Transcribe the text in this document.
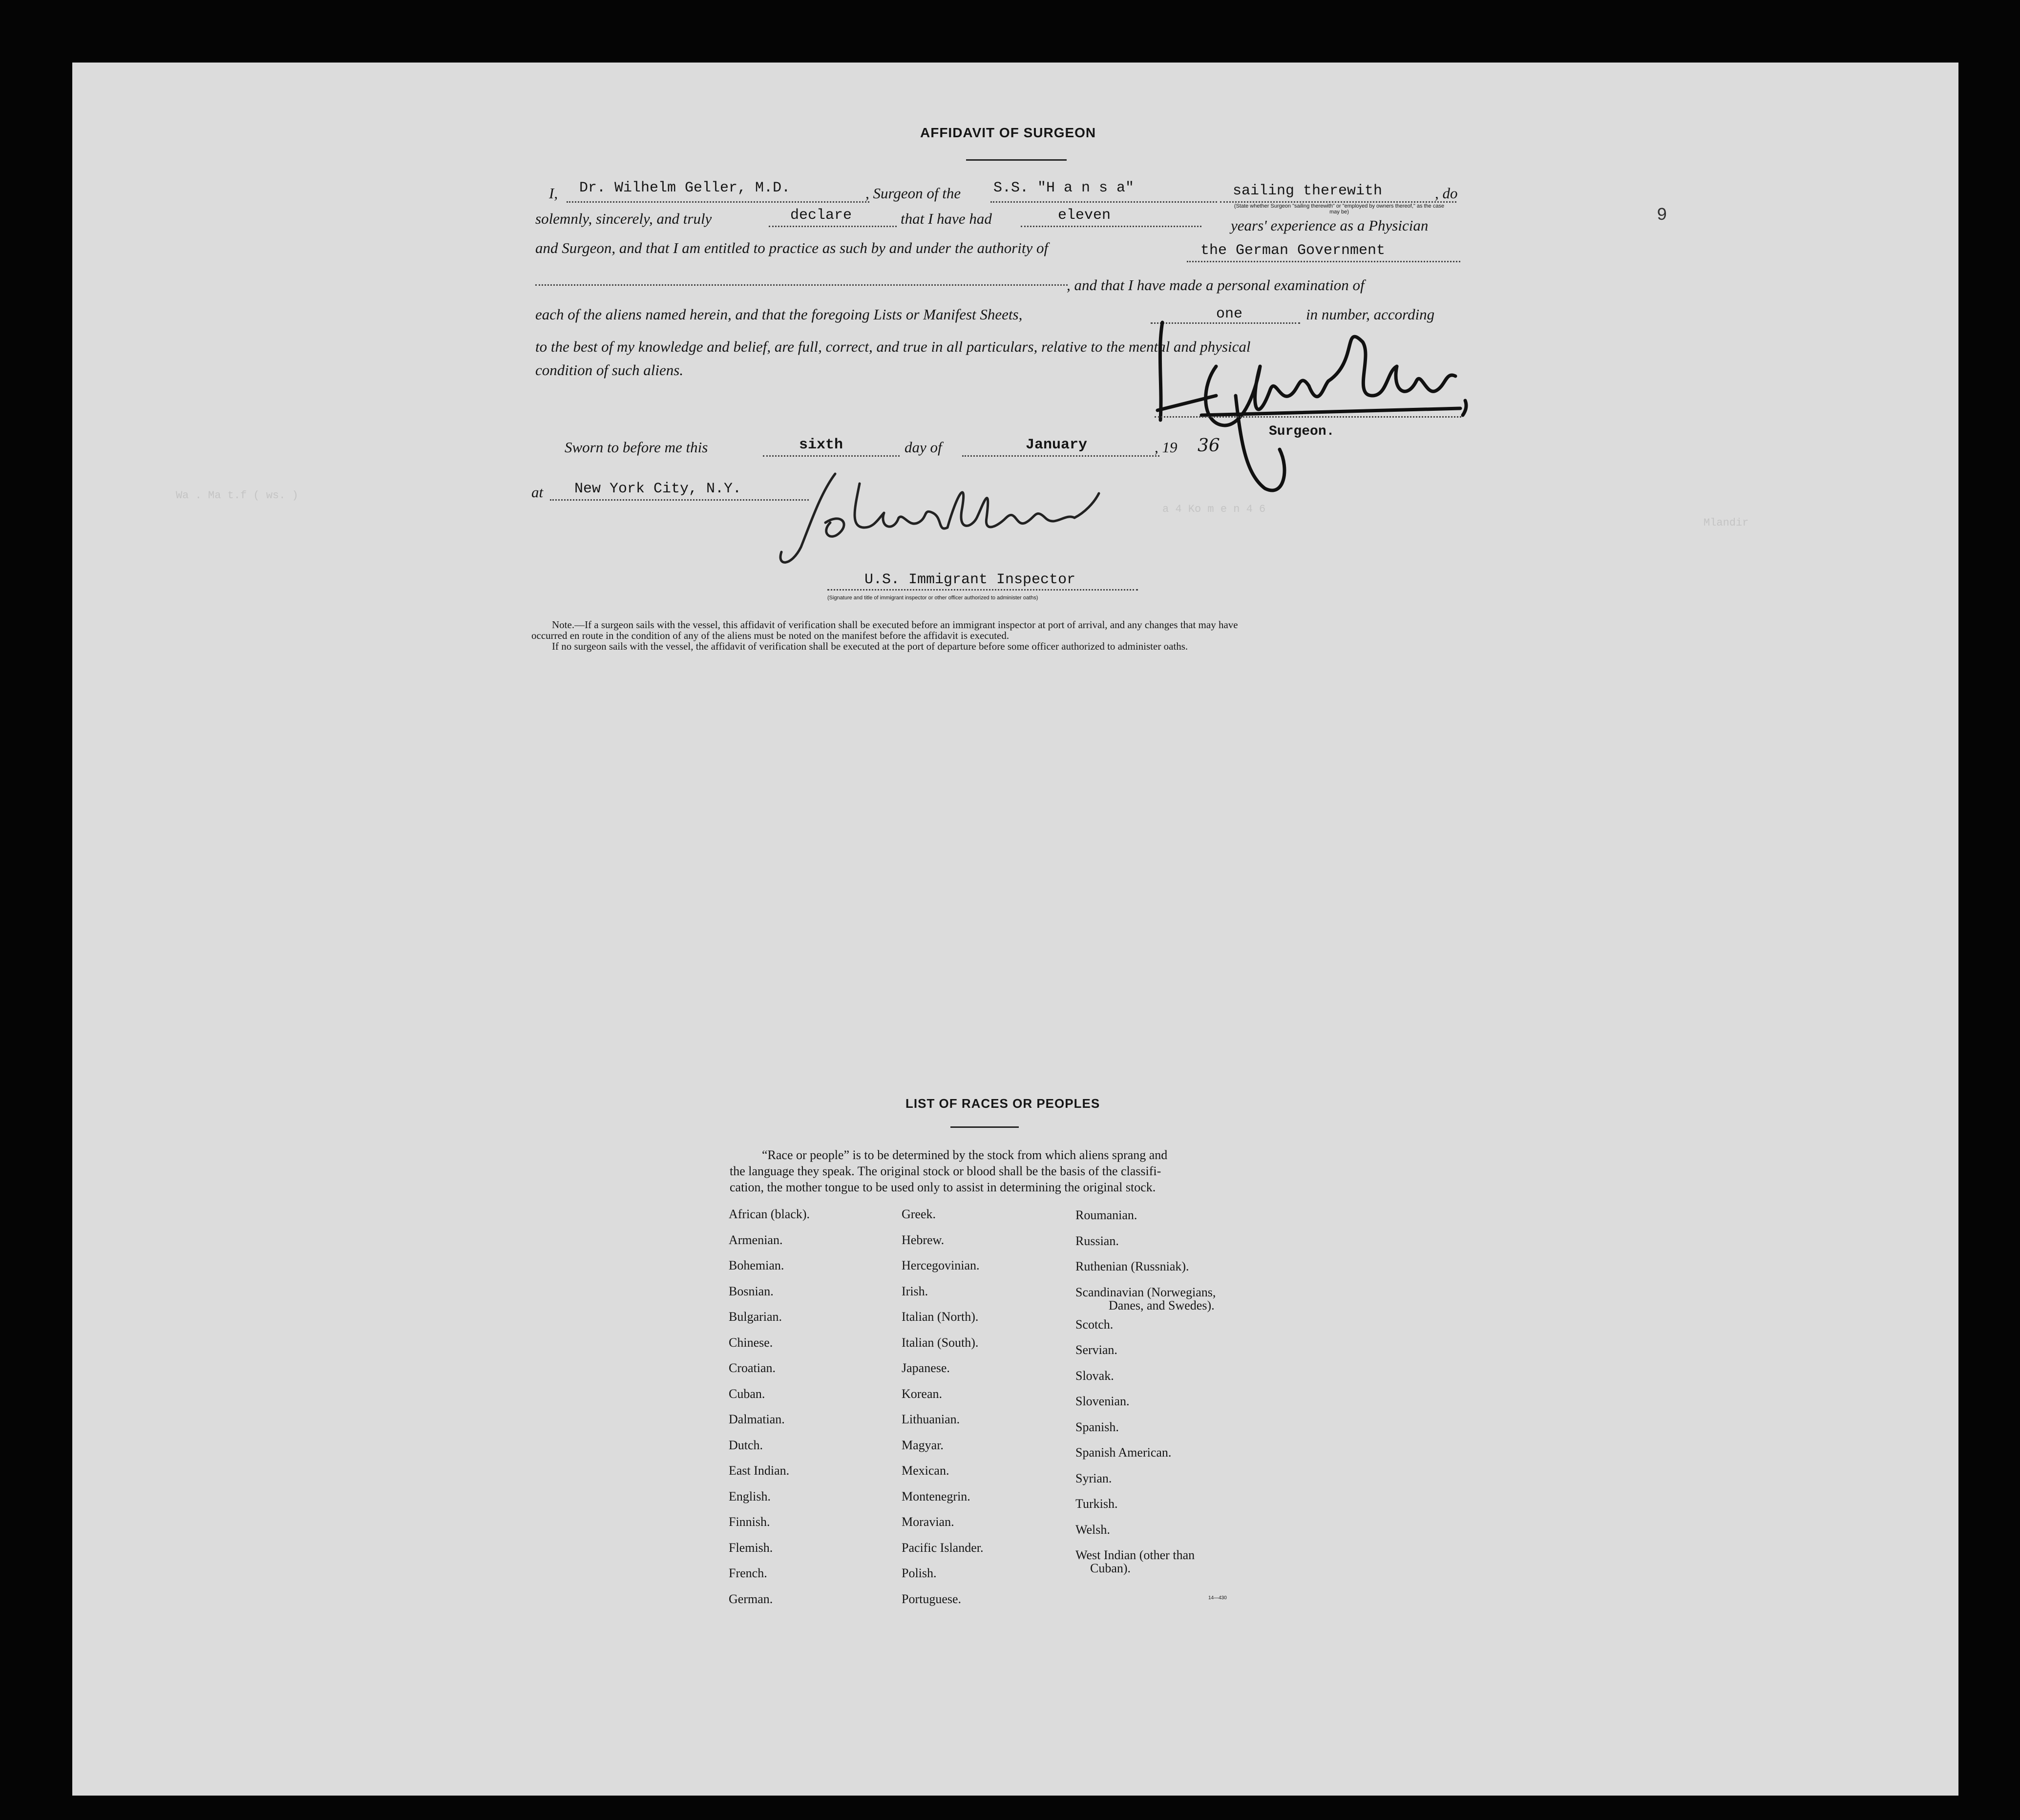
Wa . Ma t.f ( ws. )
a 4 Ko m e n 4 6
Mlandir
9
AFFIDAVIT OF SURGEON
I, Dr. Wilhelm Geller, M.D.	, Surgeon of the S.S. "H a n s a"	sailing therewith	, do
(State whether Surgeon "sailing therewith" or "employed by owners thereof," as the case may be)
solemnly, sincerely, and truly	declare	that I have had	eleven
years' experience as a Physician
and Surgeon, and that I am entitled to practice as such by and under the authority of	the German Government
, and that I have made a personal examination of
each of the aliens named herein, and that the foregoing Lists or Manifest Sheets,	one	in number, according
to the best of my knowledge and belief, are full, correct, and true in all particulars, relative to the mental and physical
condition of such aliens.
Surgeon.
Sworn to before me this	sixth	day of	January	, 19 36
at New York City, N.Y.
U.S. Immigrant Inspector
(Signature and title of immigrant inspector or other officer authorized to administer oaths)
Note.—If a surgeon sails with the vessel, this affidavit of verification shall be executed before an immigrant inspector at port of arrival, and any changes that may have
occurred en route in the condition of any of the aliens must be noted on the manifest before the affidavit is executed.
If no surgeon sails with the vessel, the affidavit of verification shall be executed at the port of departure before some officer authorized to administer oaths.
LIST OF RACES OR PEOPLES
“Race or people” is to be determined by the stock from which aliens sprang and
the language they speak. The original stock or blood shall be the basis of the classifi-
cation, the mother tongue to be used only to assist in determining the original stock.
African (black).
Armenian.
Bohemian.
Bosnian.
Bulgarian.
Chinese.
Croatian.
Cuban.
Dalmatian.
Dutch.
East Indian.
English.
Finnish.
Flemish.
French.
German.
Greek.
Hebrew.
Hercegovinian.
Irish.
Italian (North).
Italian (South).
Japanese.
Korean.
Lithuanian.
Magyar.
Mexican.
Montenegrin.
Moravian.
Pacific Islander.
Polish.
Portuguese.
Roumanian.
Russian.
Ruthenian (Russniak).
Scandinavian (Norwegians,
Danes, and Swedes).
Scotch.
Servian.
Slovak.
Slovenian.
Spanish.
Spanish American.
Syrian.
Turkish.
Welsh.
West Indian (other than
Cuban).
14—430
